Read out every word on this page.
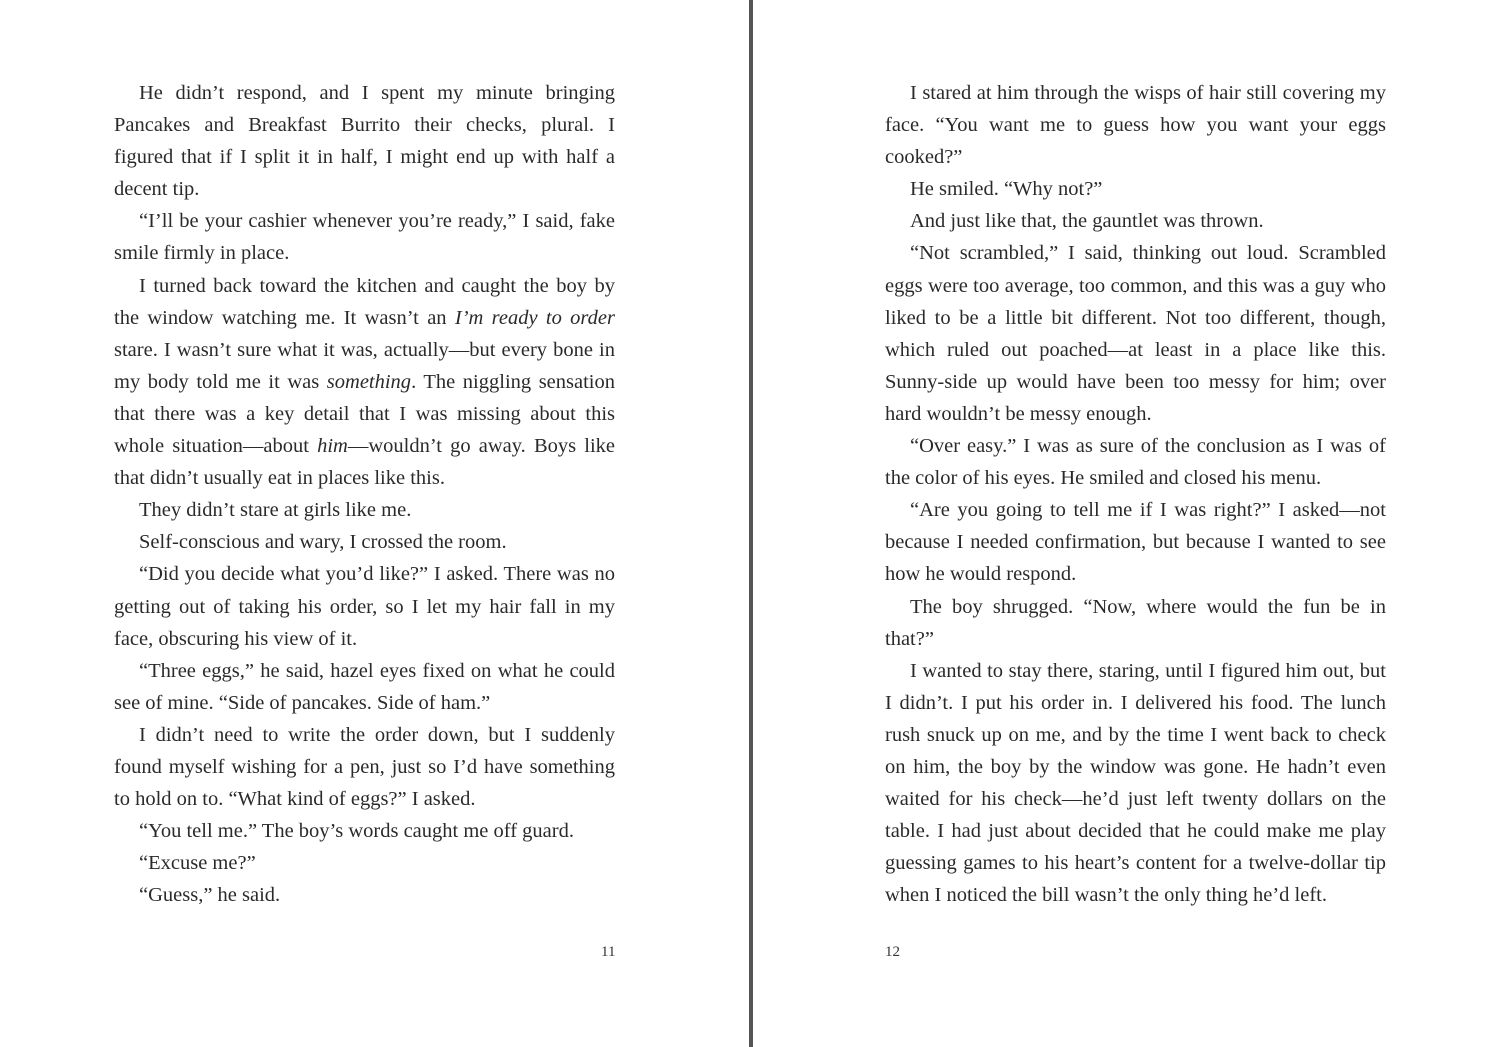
He didn’t respond, and I spent my minute bringing Pancakes and Breakfast Burrito their checks, plural. I figured that if I split it in half, I might end up with half a decent tip.

“I’ll be your cashier whenever you’re ready,” I said, fake smile firmly in place.

I turned back toward the kitchen and caught the boy by the window watching me. It wasn’t an I’m ready to order stare. I wasn’t sure what it was, actually—but every bone in my body told me it was something. The niggling sensation that there was a key detail that I was missing about this whole situation—about him—wouldn’t go away. Boys like that didn’t usually eat in places like this.

They didn’t stare at girls like me.

Self-conscious and wary, I crossed the room.

“Did you decide what you’d like?” I asked. There was no getting out of taking his order, so I let my hair fall in my face, obscuring his view of it.

“Three eggs,” he said, hazel eyes fixed on what he could see of mine. “Side of pancakes. Side of ham.”

I didn’t need to write the order down, but I suddenly found myself wishing for a pen, just so I’d have something to hold on to. “What kind of eggs?” I asked.

“You tell me.” The boy’s words caught me off guard.

“Excuse me?”

“Guess,” he said.

11

I stared at him through the wisps of hair still covering my face. “You want me to guess how you want your eggs cooked?”

He smiled. “Why not?”

And just like that, the gauntlet was thrown.

“Not scrambled,” I said, thinking out loud. Scrambled eggs were too average, too common, and this was a guy who liked to be a little bit different. Not too different, though, which ruled out poached—at least in a place like this. Sunny-side up would have been too messy for him; over hard wouldn’t be messy enough.

“Over easy.” I was as sure of the conclusion as I was of the color of his eyes. He smiled and closed his menu.

“Are you going to tell me if I was right?” I asked—not because I needed confirmation, but because I wanted to see how he would respond.

The boy shrugged. “Now, where would the fun be in that?”

I wanted to stay there, staring, until I figured him out, but I didn’t. I put his order in. I delivered his food. The lunch rush snuck up on me, and by the time I went back to check on him, the boy by the window was gone. He hadn’t even waited for his check—he’d just left twenty dollars on the table. I had just about decided that he could make me play guessing games to his heart’s content for a twelve-dollar tip when I noticed the bill wasn’t the only thing he’d left.

12
